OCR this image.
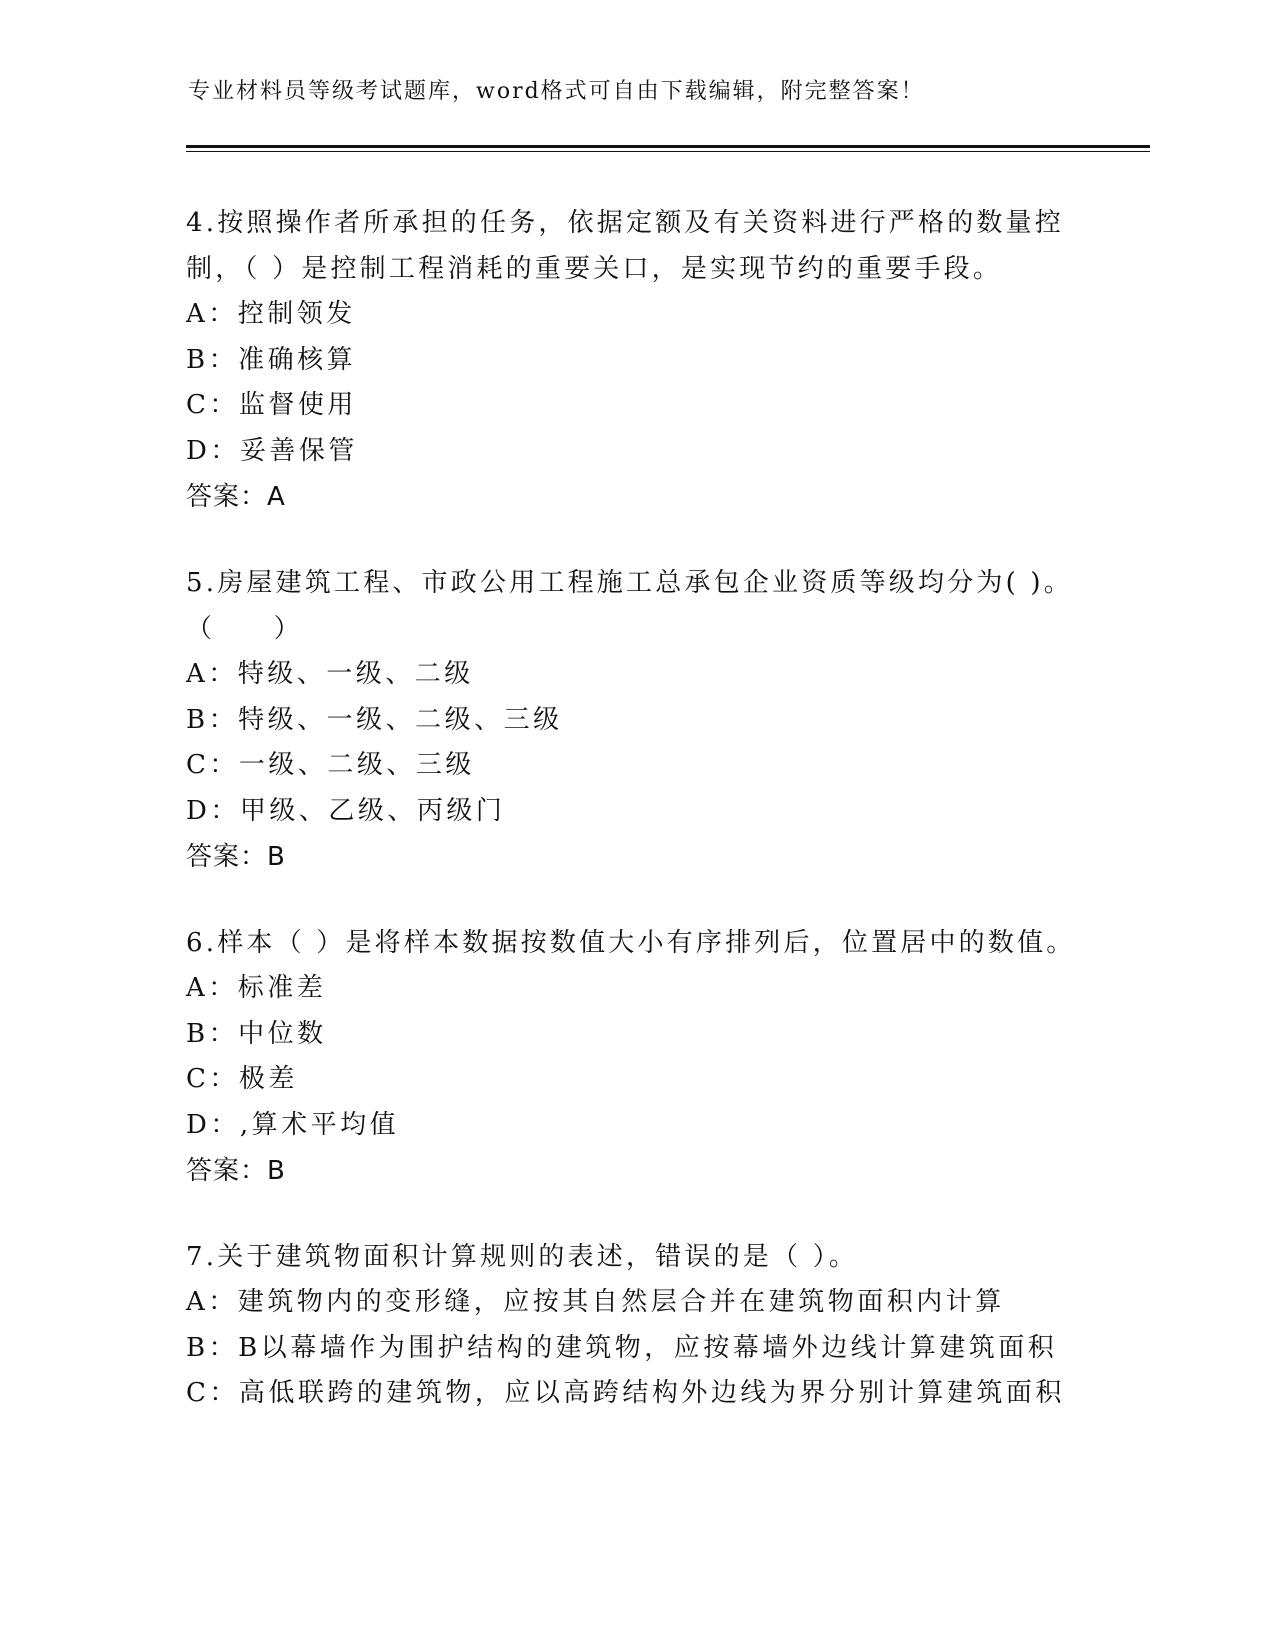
专业材料员等级考试题库，word格式可自由下载编辑，附完整答案！
4.按照操作者所承担的任务，依据定额及有关资料进行严格的数量控
制，（ ）是控制工程消耗的重要关口，是实现节约的重要手段。
A：控制领发
B：准确核算
C：监督使用
D：妥善保管
答案：A
5.房屋建筑工程、市政公用工程施工总承包企业资质等级均分为( )。
（　　）
A：特级、一级、二级
B：特级、一级、二级、三级
C：一级、二级、三级
D：甲级、乙级、丙级门
答案：B
6.样本（ ）是将样本数据按数值大小有序排列后，位置居中的数值。
A：标准差
B：中位数
C：极差
D：,算术平均值
答案：B
7.关于建筑物面积计算规则的表述，错误的是（ ）。
A：建筑物内的变形缝，应按其自然层合并在建筑物面积内计算
B：B以幕墙作为围护结构的建筑物，应按幕墙外边线计算建筑面积
C：高低联跨的建筑物，应以高跨结构外边线为界分别计算建筑面积
